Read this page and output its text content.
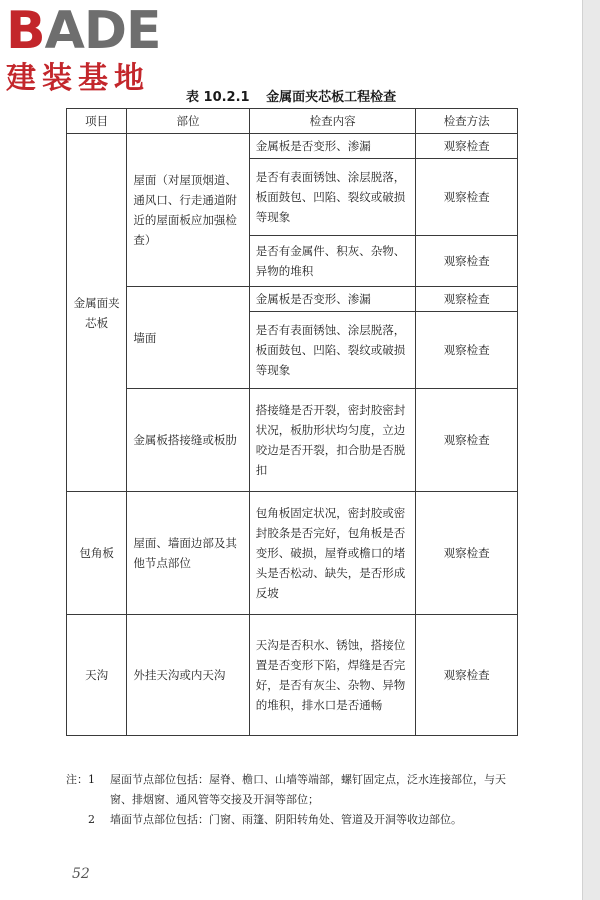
BADE
建装基地
表 10.2.1 金属面夹芯板工程检查
项目	部位	检查内容	检查方法
金属面夹芯板	屋面（对屋顶烟道、通风口、行走通道附近的屋面板应加强检查）	金属板是否变形、渗漏	观察检查
		是否有表面锈蚀、涂层脱落，板面鼓包、凹陷、裂纹或破损等现象	观察检查
		是否有金属件、积灰、杂物、异物的堆积	观察检查
	墙面	金属板是否变形、渗漏	观察检查
		是否有表面锈蚀、涂层脱落，板面鼓包、凹陷、裂纹或破损等现象	观察检查
	金属板搭接缝或板肋	搭接缝是否开裂，密封胶密封状况，板肋形状均匀度，立边咬边是否开裂，扣合肋是否脱扣	观察检查
包角板	屋面、墙面边部及其他节点部位	包角板固定状况，密封胶或密封胶条是否完好，包角板是否变形、破损，屋脊或檐口的堵头是否松动、缺失，是否形成反坡	观察检查
天沟	外挂天沟或内天沟	天沟是否积水、锈蚀，搭接位置是否变形下陷，焊缝是否完好，是否有灰尘、杂物、异物的堆积，排水口是否通畅	观察检查
注： 1	屋面节点部位包括：屋脊、檐口、山墙等端部，螺钉固定点，泛水连接部位，与天窗、排烟窗、通风管等交接及开洞等部位；
2	墙面节点部位包括：门窗、雨篷、阴阳转角处、管道及开洞等收边部位。
52
